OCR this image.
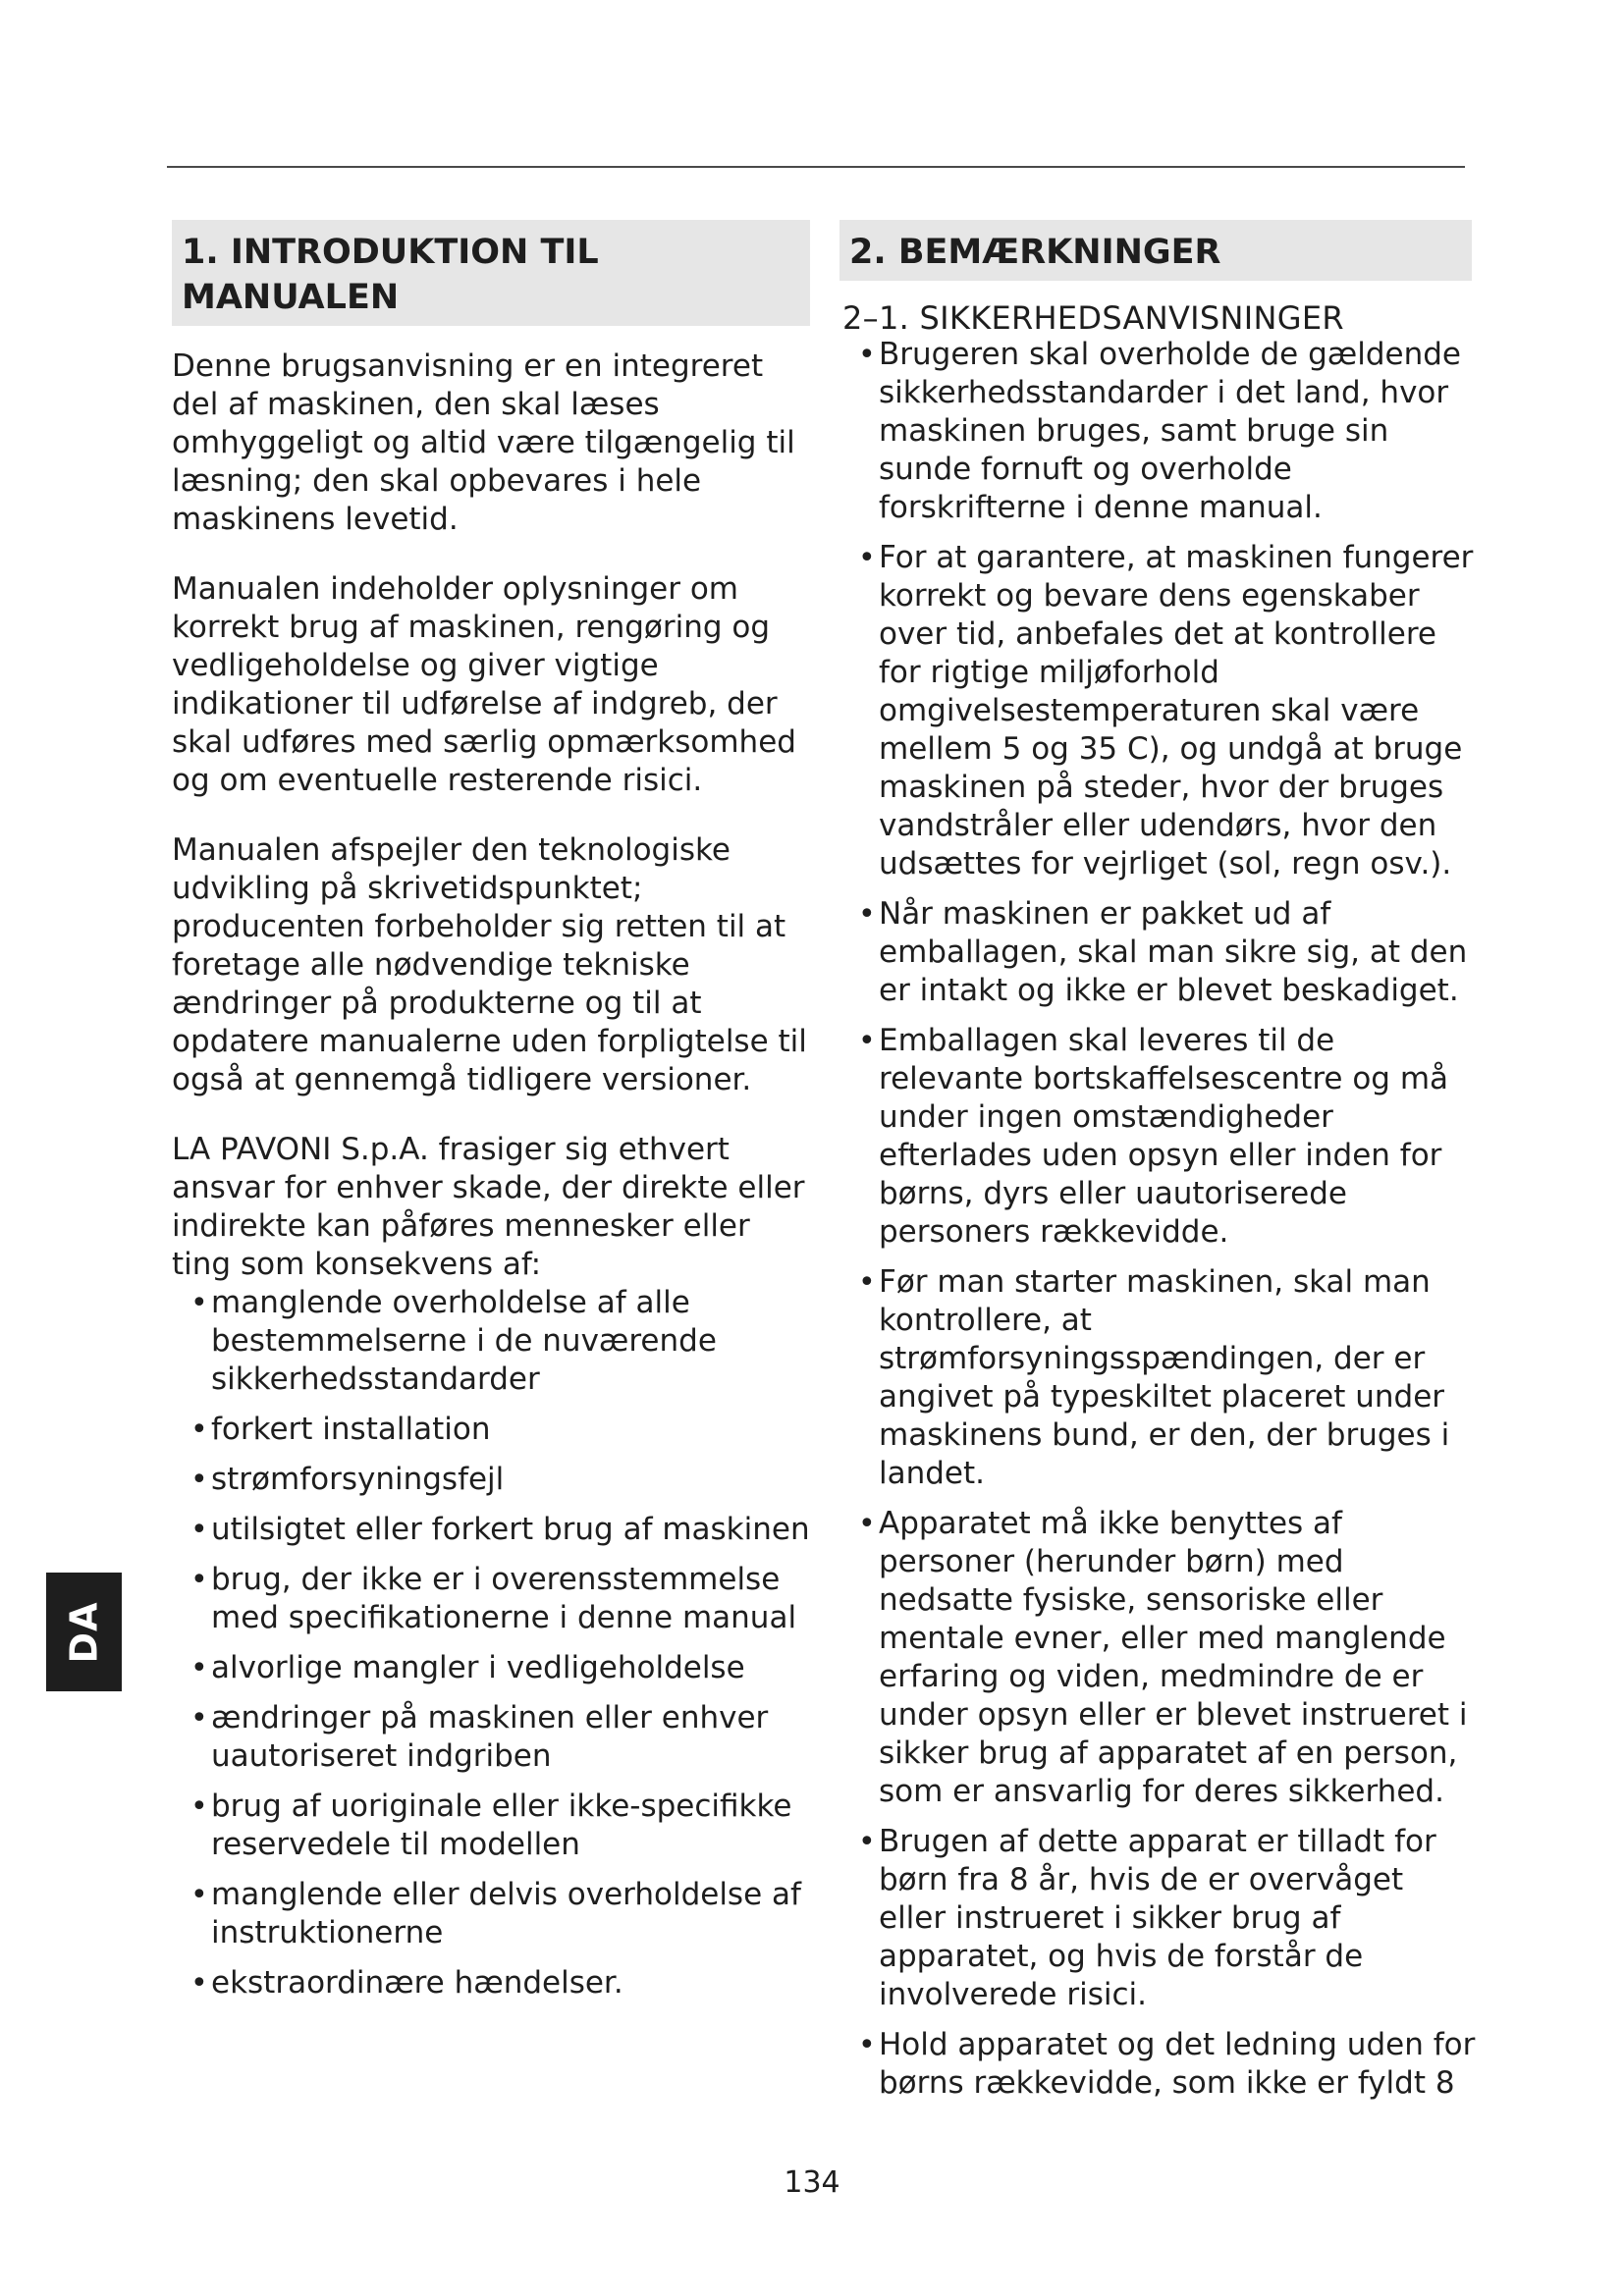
1. INTRODUKTION TIL MANUALEN

Denne brugsanvisning er en integreret del af maskinen, den skal læses omhyggeligt og altid være tilgængelig til læsning; den skal opbevares i hele maskinens levetid.

Manualen indeholder oplysninger om korrekt brug af maskinen, rengøring og vedligeholdelse og giver vigtige indikationer til udførelse af indgreb, der skal udføres med særlig opmærksomhed og om eventuelle resterende risici.

Manualen afspejler den teknologiske udvikling på skrivetidspunktet; producenten forbeholder sig retten til at foretage alle nødvendige tekniske ændringer på produkterne og til at opdatere manualerne uden forpligtelse til også at gennemgå tidligere versioner.

LA PAVONI S.p.A. frasiger sig ethvert ansvar for enhver skade, der direkte eller indirekte kan påføres mennesker eller ting som konsekvens af:

• manglende overholdelse af alle bestemmelserne i de nuværende sikkerhedsstandarder
• forkert installation
• strømforsyningsfejl
• utilsigtet eller forkert brug af maskinen
• brug, der ikke er i overensstemmelse med specifikationerne i denne manual
• alvorlige mangler i vedligeholdelse
• ændringer på maskinen eller enhver uautoriseret indgriben
• brug af uoriginale eller ikke-specifikke reservedele til modellen
• manglende eller delvis overholdelse af instruktionerne
• ekstraordinære hændelser.
2. BEMÆRKNINGER
2–1. SIKKERHEDSANVISNINGER
• Brugeren skal overholde de gældende sikkerhedsstandarder i det land, hvor maskinen bruges, samt bruge sin sunde fornuft og overholde forskrifterne i denne manual.
• For at garantere, at maskinen fungerer korrekt og bevare dens egenskaber over tid, anbefales det at kontrollere for rigtige miljøforhold omgivelsestemperaturen skal være mellem 5 og 35 C), og undgå at bruge maskinen på steder, hvor der bruges vandstråler eller udendørs, hvor den udsættes for vejrliget (sol, regn osv.).
• Når maskinen er pakket ud af emballagen, skal man sikre sig, at den er intakt og ikke er blevet beskadiget.
• Emballagen skal leveres til de relevante bortskaffelsescentre og må under ingen omstændigheder efterlades uden opsyn eller inden for børns, dyrs eller uautoriserede personers rækkevidde.
• Før man starter maskinen, skal man kontrollere, at strømforsyningsspændingen, der er angivet på typeskiltet placeret under maskinens bund, er den, der bruges i landet.
• Apparatet må ikke benyttes af personer (herunder børn) med nedsatte fysiske, sensoriske eller mentale evner, eller med manglende erfaring og viden, medmindre de er under opsyn eller er blevet instrueret i sikker brug af apparatet af en person, som er ansvarlig for deres sikkerhed.
• Brugen af dette apparat er tilladt for børn fra 8 år, hvis de er overvåget eller instrueret i sikker brug af apparatet, og hvis de forstår de involverede risici.
• Hold apparatet og det ledning uden for børns rækkevidde, som ikke er fyldt 8
DA
134
